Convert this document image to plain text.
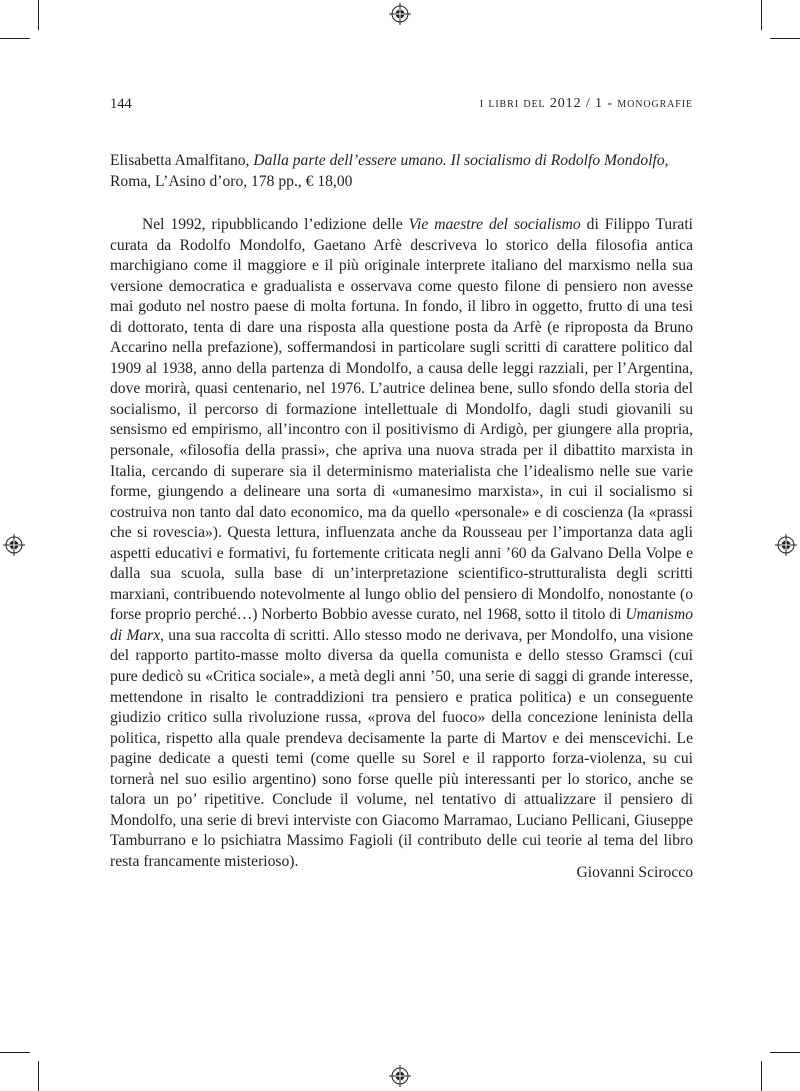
144	i libri del 2012 / 1 - monografie
Elisabetta Amalfitano, Dalla parte dell’essere umano. Il socialismo di Rodolfo Mondolfo, Roma, L’Asino d’oro, 178 pp., € 18,00

Nel 1992, ripubblicando l’edizione delle Vie maestre del socialismo di Filippo Turati curata da Rodolfo Mondolfo, Gaetano Arfè descriveva lo storico della filosofia antica marchigiano come il maggiore e il più originale interprete italiano del marxismo nella sua versione democratica e gradualista e osservava come questo filone di pensiero non avesse mai goduto nel nostro paese di molta fortuna. In fondo, il libro in oggetto, frutto di una tesi di dottorato, tenta di dare una risposta alla questione posta da Arfè (e riproposta da Bruno Accarino nella prefazione), soffermandosi in particolare sugli scritti di carattere politico dal 1909 al 1938, anno della partenza di Mondolfo, a causa delle leggi razziali, per l’Argentina, dove morirà, quasi centenario, nel 1976. L’autrice delinea bene, sullo sfondo della storia del socialismo, il percorso di formazione intellettuale di Mondolfo, dagli studi giovanili su sensismo ed empirismo, all’incontro con il positivismo di Ardigò, per giungere alla propria, personale, «filosofia della prassi», che apriva una nuova strada per il dibattito marxista in Italia, cercando di superare sia il determinismo materialista che l’idealismo nelle sue varie forme, giungendo a delineare una sorta di «umanesimo marxista», in cui il socialismo si costruiva non tanto dal dato economico, ma da quello «personale» e di coscienza (la «prassi che si rovescia»). Questa lettura, influenzata anche da Rousseau per l’importanza data agli aspetti educativi e formativi, fu fortemente criticata negli anni ’60 da Galvano Della Volpe e dalla sua scuola, sulla base di un’interpretazione scientifico-strutturalista degli scritti marxiani, contribuendo notevolmente al lungo oblio del pensiero di Mondolfo, nonostante (o forse proprio perché…) Norberto Bobbio avesse curato, nel 1968, sotto il titolo di Umanismo di Marx, una sua raccolta di scritti. Allo stesso modo ne derivava, per Mondolfo, una visione del rapporto partito-masse molto diversa da quella comunista e dello stesso Gramsci (cui pure dedicò su «Critica sociale», a metà degli anni ’50, una serie di saggi di grande interesse, mettendone in risalto le contraddizioni tra pensiero e pratica politica) e un conseguente giudizio critico sulla rivoluzione russa, «prova del fuoco» della concezione leninista della politica, rispetto alla quale prendeva decisamente la parte di Martov e dei menscevichi. Le pagine dedicate a questi temi (come quelle su Sorel e il rapporto forza-violenza, su cui tornerà nel suo esilio argentino) sono forse quelle più interessanti per lo storico, anche se talora un po’ ripetitive. Conclude il volume, nel tentativo di attualizzare il pensiero di Mondolfo, una serie di brevi interviste con Giacomo Marramao, Luciano Pellicani, Giuseppe Tamburrano e lo psichiatra Massimo Fagioli (il contributo delle cui teorie al tema del libro resta francamente misterioso).

Giovanni Scirocco
